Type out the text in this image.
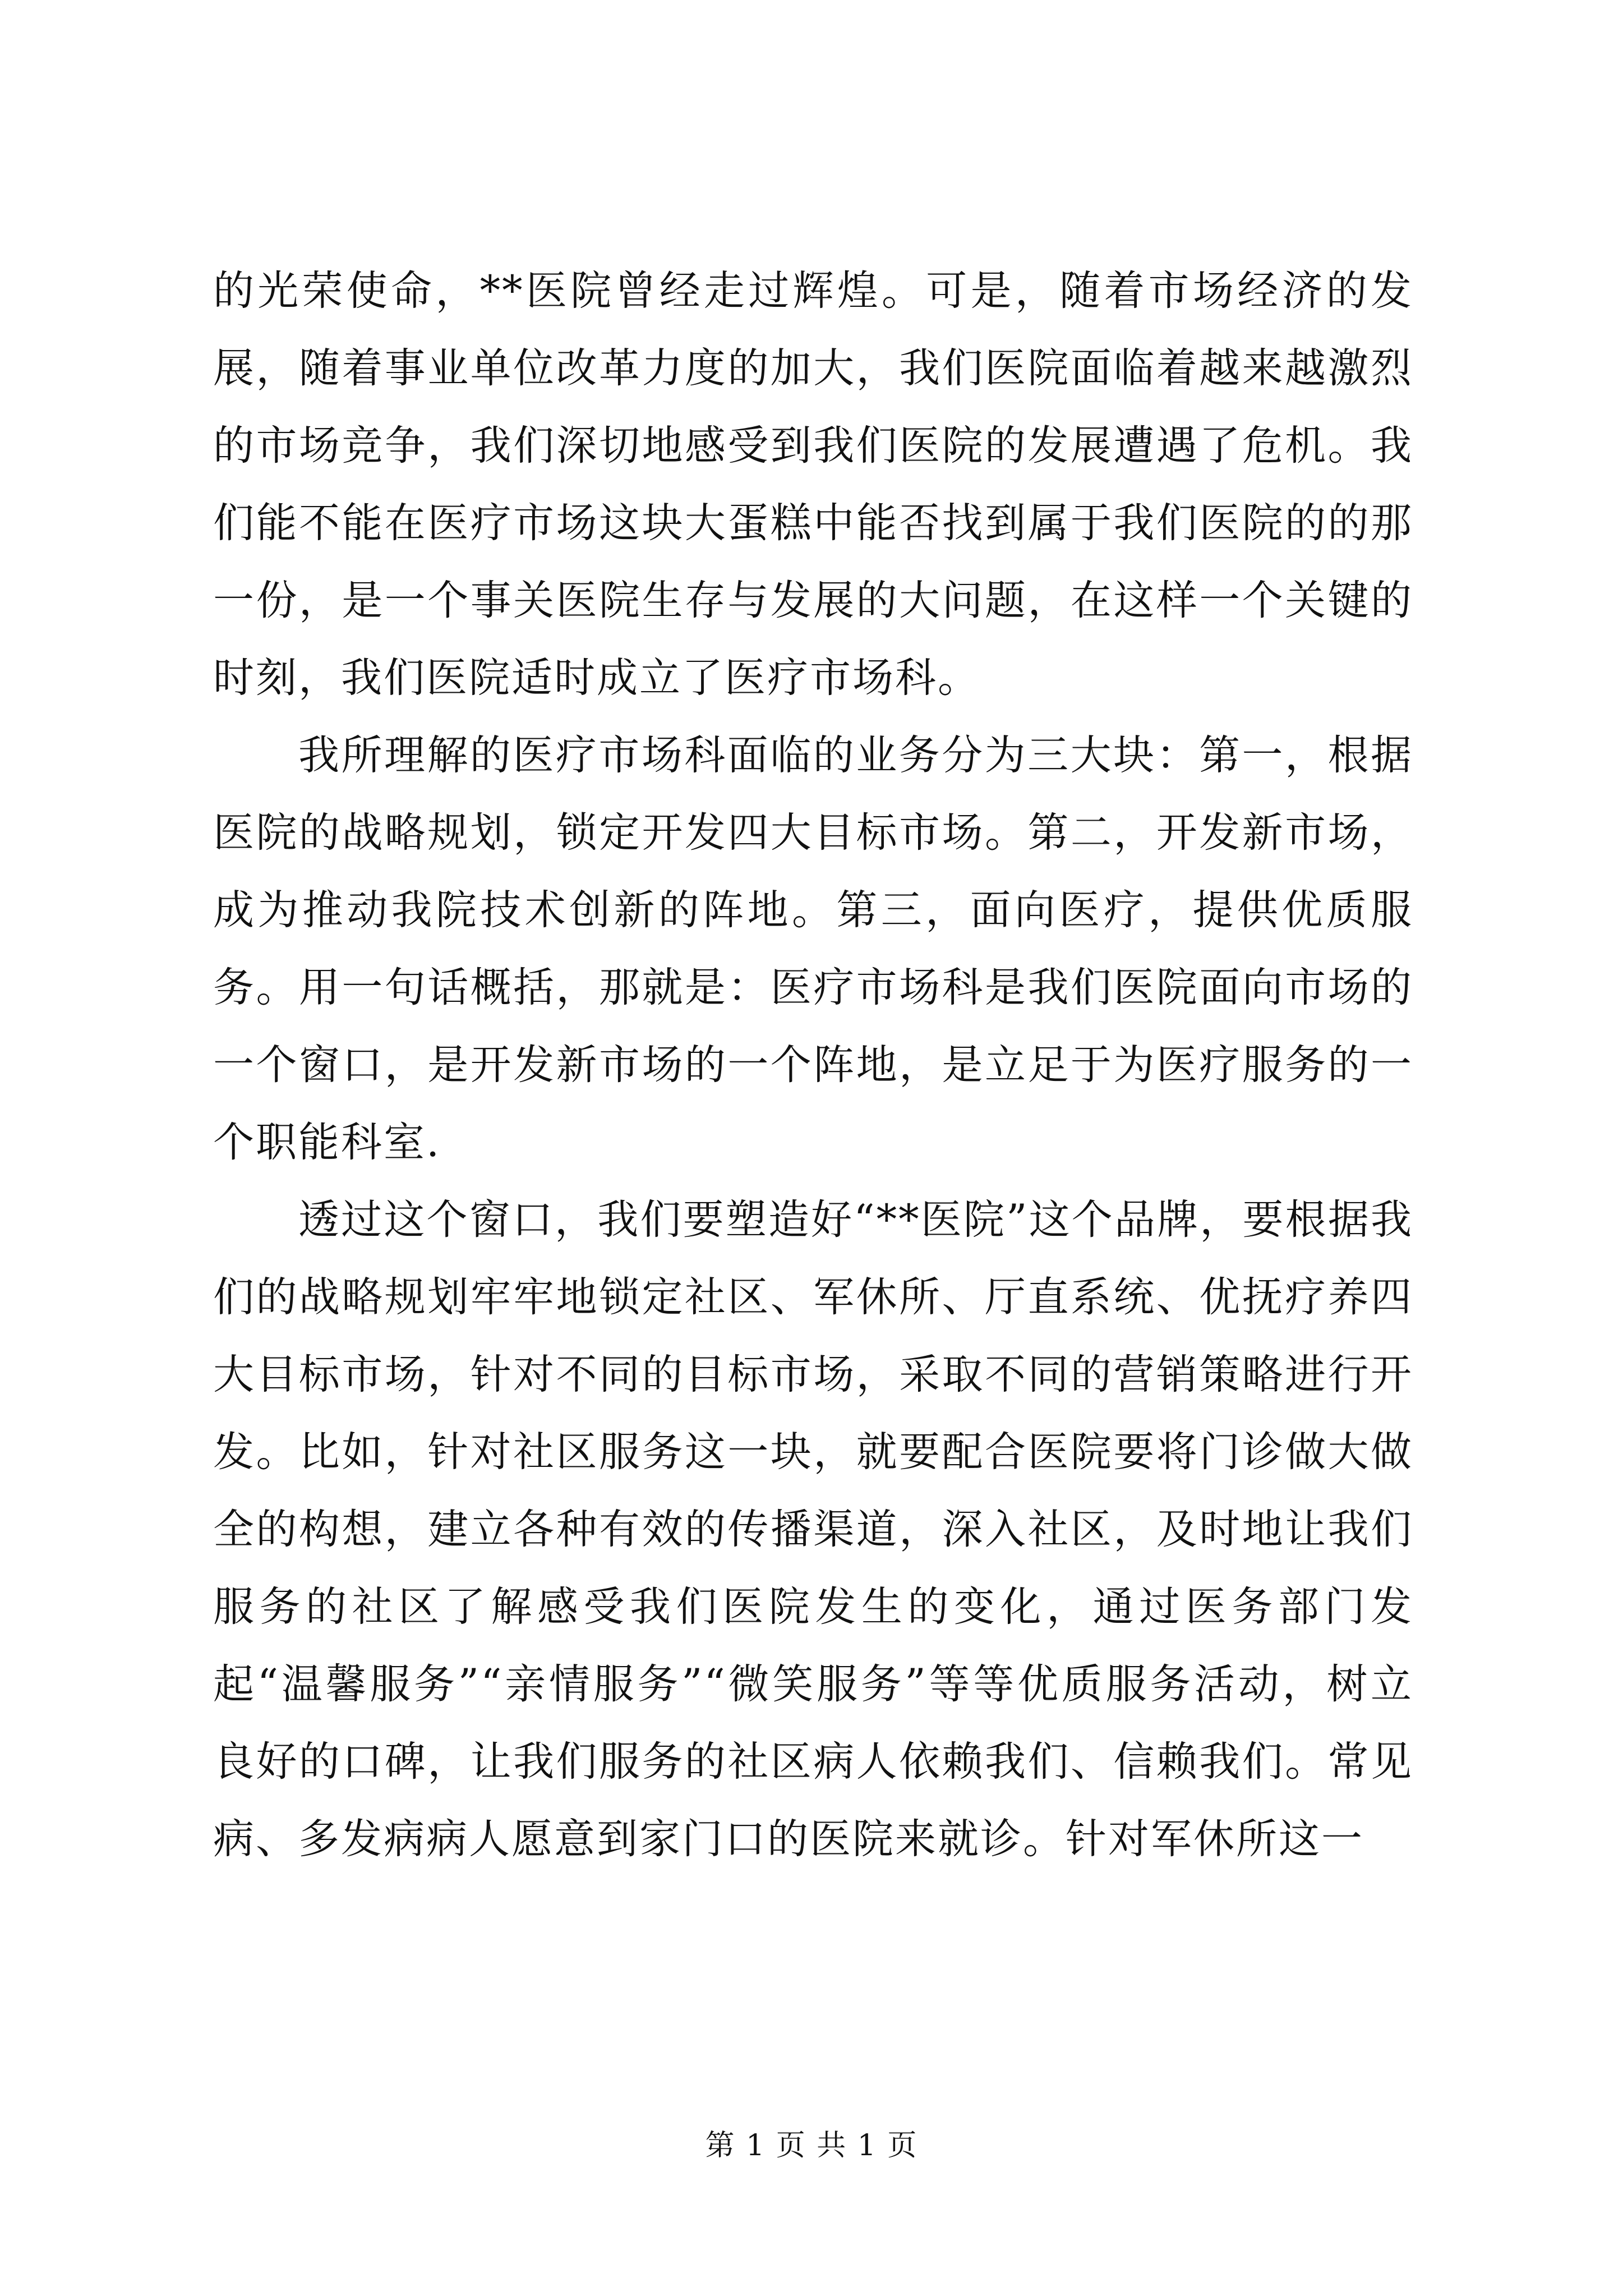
的光荣使命，**医院曾经走过辉煌。可是，随着市场经济的发展，随着事业单位改革力度的加大，我们医院面临着越来越激烈的市场竞争，我们深切地感受到我们医院的发展遭遇了危机。我们能不能在医疗市场这块大蛋糕中能否找到属于我们医院的的那一份，是一个事关医院生存与发展的大问题，在这样一个关键的时刻，我们医院适时成立了医疗市场科。

我所理解的医疗市场科面临的业务分为三大块：第一，根据医院的战略规划，锁定开发四大目标市场。第二，开发新市场，成为推动我院技术创新的阵地。第三，面向医疗，提供优质服务。用一句话概括，那就是：医疗市场科是我们医院面向市场的一个窗口，是开发新市场的一个阵地，是立足于为医疗服务的一个职能科室.

透过这个窗口，我们要塑造好“**医院”这个品牌，要根据我们的战略规划牢牢地锁定社区、军休所、厅直系统、优抚疗养四大目标市场，针对不同的目标市场，采取不同的营销策略进行开发。比如，针对社区服务这一块，就要配合医院要将门诊做大做全的构想，建立各种有效的传播渠道，深入社区，及时地让我们服务的社区了解感受我们医院发生的变化，通过医务部门发起“温馨服务”“亲情服务”“微笑服务”等等优质服务活动，树立良好的口碑，让我们服务的社区病人依赖我们、信赖我们。常见病、多发病病人愿意到家门口的医院来就诊。针对军休所这一

第 1 页 共 1 页
